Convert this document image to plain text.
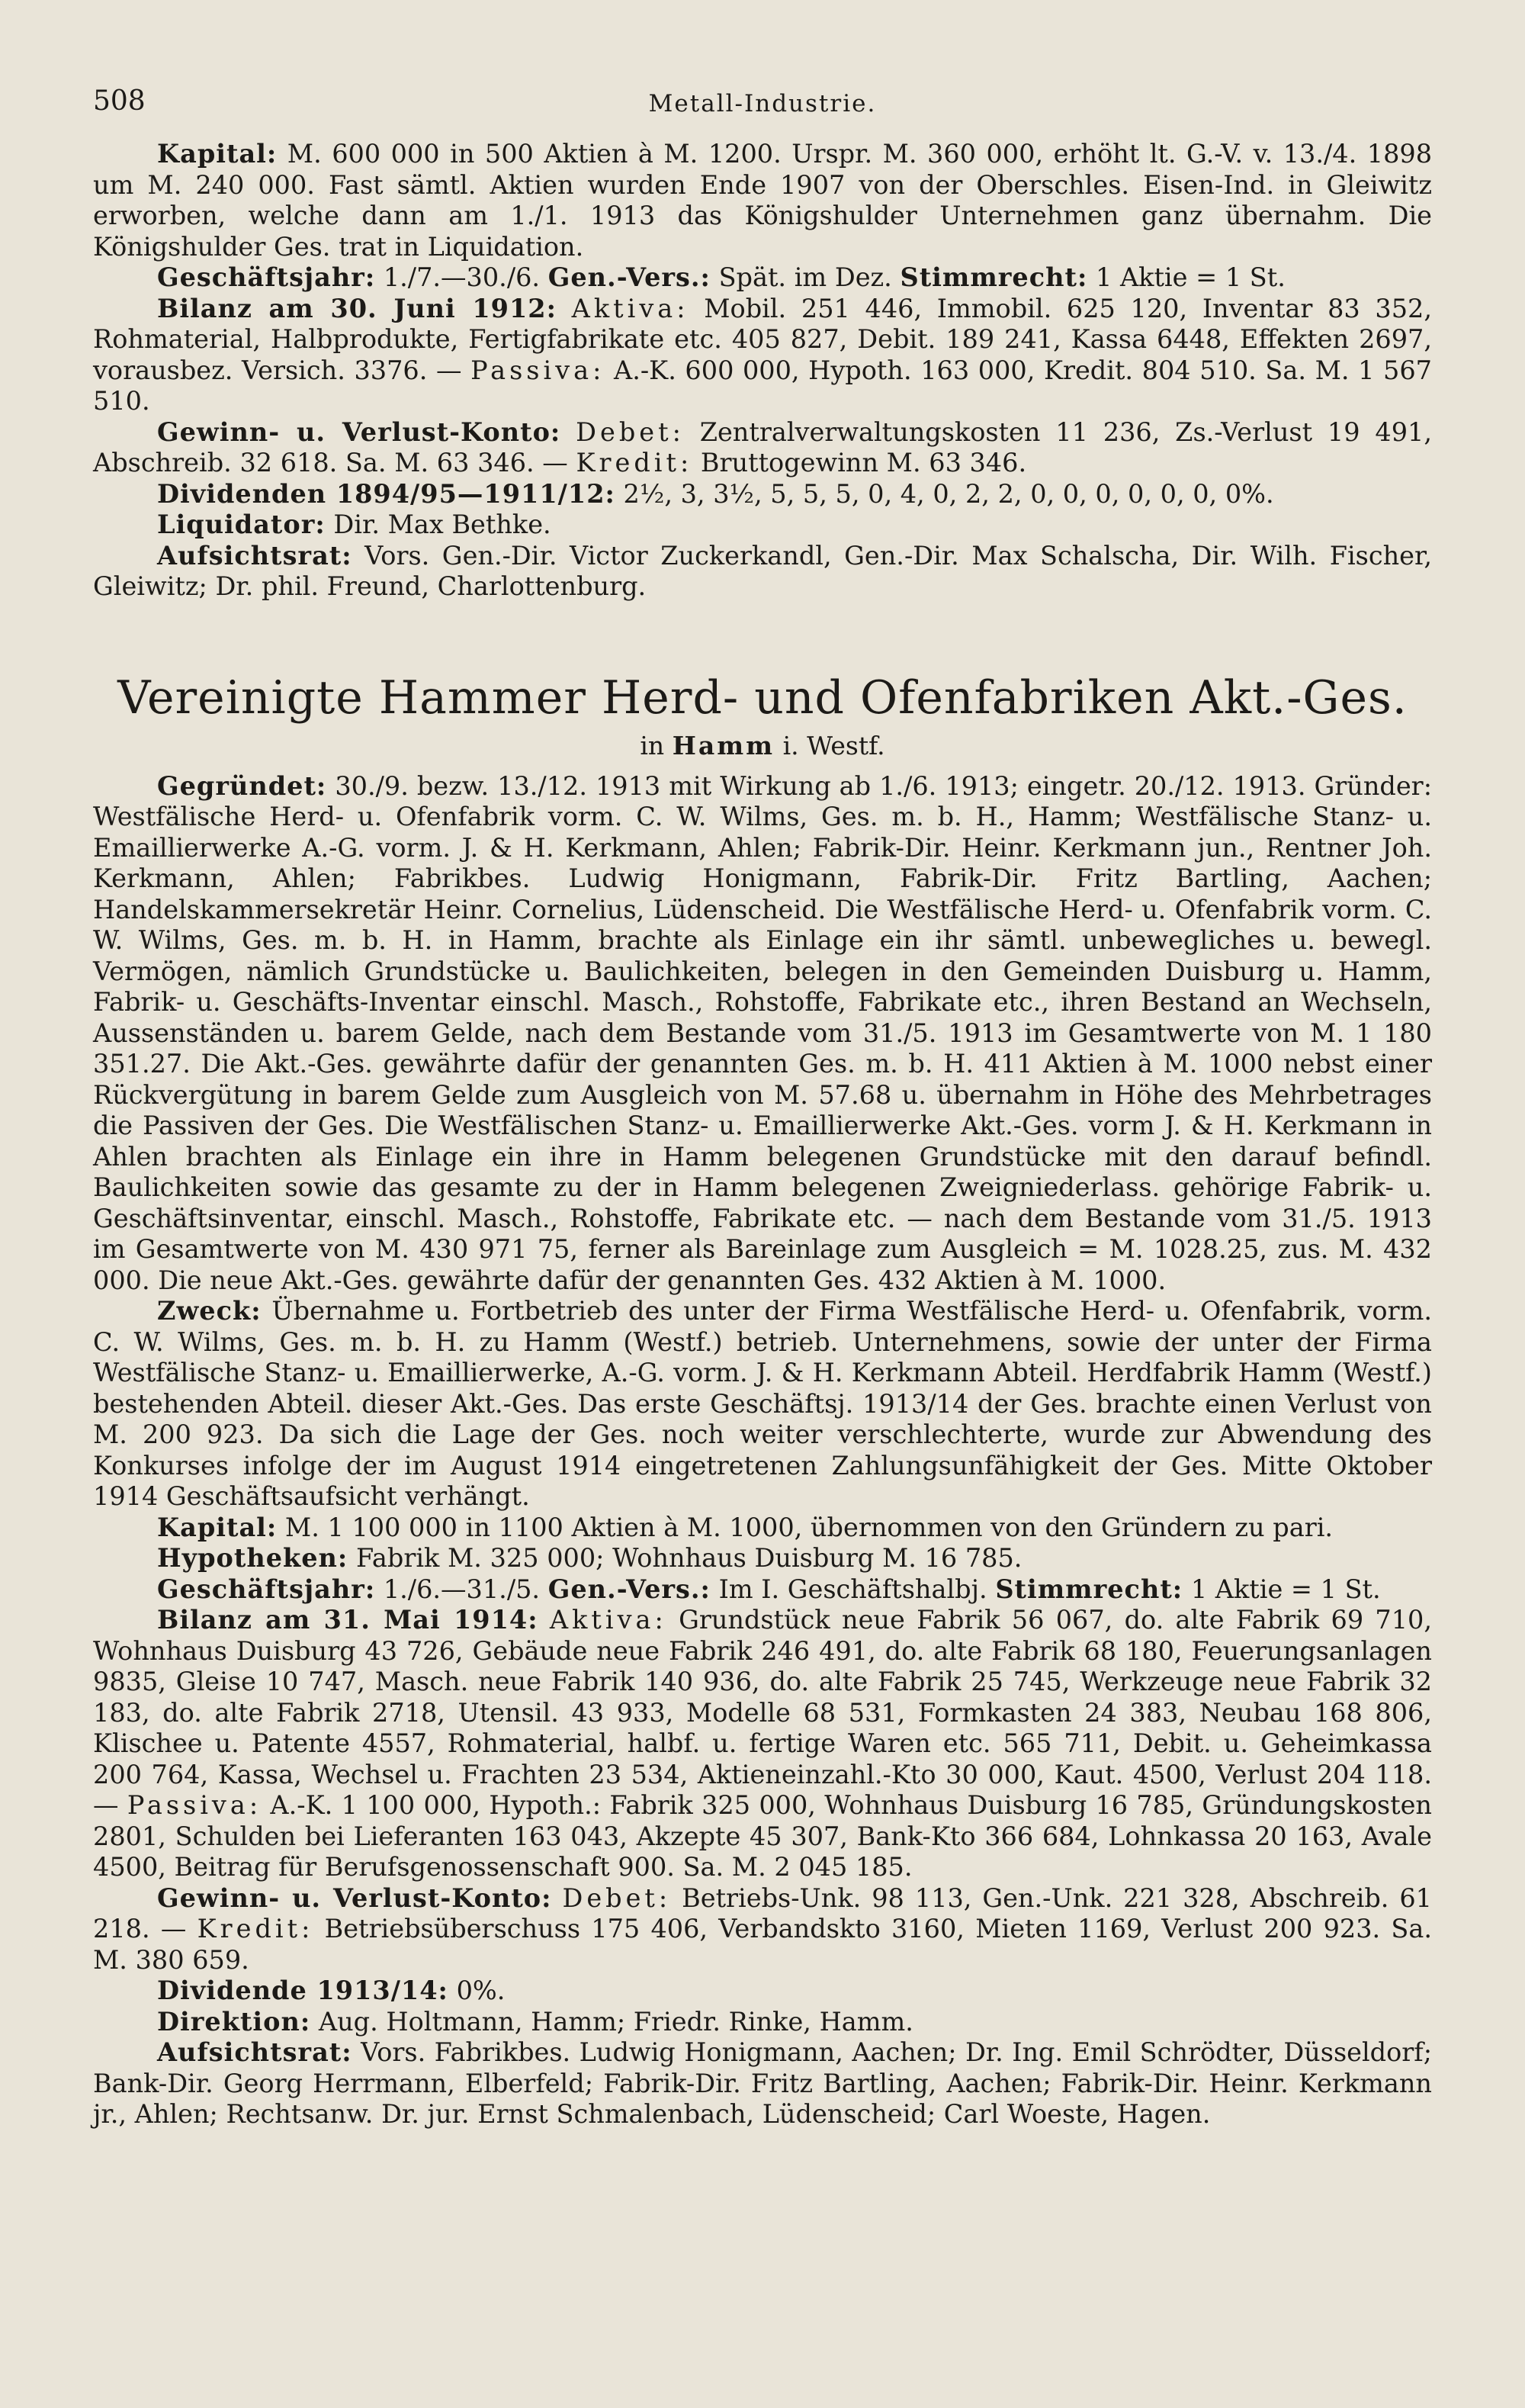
508	Metall-Industrie.

Kapital: M. 600 000 in 500 Aktien à M. 1200. Urspr. M. 360 000, erhöht lt. G.-V. v. 13./4. 1898 um M. 240 000. Fast sämtl. Aktien wurden Ende 1907 von der Oberschles. Eisen-Ind. in Gleiwitz erworben, welche dann am 1./1. 1913 das Königshulder Unternehmen ganz übernahm. Die Königshulder Ges. trat in Liquidation.

Geschäftsjahr: 1./7.—30./6. Gen.-Vers.: Spät. im Dez. Stimmrecht: 1 Aktie = 1 St.

Bilanz am 30. Juni 1912: Aktiva: Mobil. 251 446, Immobil. 625 120, Inventar 83 352, Rohmaterial, Halbprodukte, Fertigfabrikate etc. 405 827, Debit. 189 241, Kassa 6448, Effekten 2697, vorausbez. Versich. 3376. — Passiva: A.-K. 600 000, Hypoth. 163 000, Kredit. 804 510. Sa. M. 1 567 510.

Gewinn- u. Verlust-Konto: Debet: Zentralverwaltungskosten 11 236, Zs.-Verlust 19 491, Abschreib. 32 618. Sa. M. 63 346. — Kredit: Bruttogewinn M. 63 346.

Dividenden 1894/95—1911/12: 2½, 3, 3½, 5, 5, 5, 0, 4, 0, 2, 2, 0, 0, 0, 0, 0, 0, 0%.

Liquidator: Dir. Max Bethke.

Aufsichtsrat: Vors. Gen.-Dir. Victor Zuckerkandl, Gen.-Dir. Max Schalscha, Dir. Wilh. Fischer, Gleiwitz; Dr. phil. Freund, Charlottenburg.

Vereinigte Hammer Herd- und Ofenfabriken Akt.-Ges.
in Hamm i. Westf.

Gegründet: 30./9. bezw. 13./12. 1913 mit Wirkung ab 1./6. 1913; eingetr. 20./12. 1913. Gründer: Westfälische Herd- u. Ofenfabrik vorm. C. W. Wilms, Ges. m. b. H., Hamm; Westfälische Stanz- u. Emaillierwerke A.-G. vorm. J. & H. Kerkmann, Ahlen; Fabrik-Dir. Heinr. Kerkmann jun., Rentner Joh. Kerkmann, Ahlen; Fabrikbes. Ludwig Honigmann, Fabrik-Dir. Fritz Bartling, Aachen; Handelskammersekretär Heinr. Cornelius, Lüdenscheid. Die Westfälische Herd- u. Ofenfabrik vorm. C. W. Wilms, Ges. m. b. H. in Hamm, brachte als Einlage ein ihr sämtl. unbewegliches u. bewegl. Vermögen, nämlich Grundstücke u. Baulichkeiten, belegen in den Gemeinden Duisburg u. Hamm, Fabrik- u. Geschäfts-Inventar einschl. Masch., Rohstoffe, Fabrikate etc., ihren Bestand an Wechseln, Aussenständen u. barem Gelde, nach dem Bestande vom 31./5. 1913 im Gesamtwerte von M. 1 180 351.27. Die Akt.-Ges. gewährte dafür der genannten Ges. m. b. H. 411 Aktien à M. 1000 nebst einer Rückvergütung in barem Gelde zum Ausgleich von M. 57.68 u. übernahm in Höhe des Mehrbetrages die Passiven der Ges. Die Westfälischen Stanz- u. Emaillierwerke Akt.-Ges. vorm J. & H. Kerkmann in Ahlen brachten als Einlage ein ihre in Hamm belegenen Grundstücke mit den darauf befindl. Baulichkeiten sowie das gesamte zu der in Hamm belegenen Zweigniederlass. gehörige Fabrik- u. Geschäftsinventar, einschl. Masch., Rohstoffe, Fabrikate etc. — nach dem Bestande vom 31./5. 1913 im Gesamtwerte von M. 430 971 75, ferner als Bareinlage zum Ausgleich = M. 1028.25, zus. M. 432 000. Die neue Akt.-Ges. gewährte dafür der genannten Ges. 432 Aktien à M. 1000.

Zweck: Übernahme u. Fortbetrieb des unter der Firma Westfälische Herd- u. Ofenfabrik, vorm. C. W. Wilms, Ges. m. b. H. zu Hamm (Westf.) betrieb. Unternehmens, sowie der unter der Firma Westfälische Stanz- u. Emaillierwerke, A.-G. vorm. J. & H. Kerkmann Abteil. Herdfabrik Hamm (Westf.) bestehenden Abteil. dieser Akt.-Ges. Das erste Geschäftsj. 1913/14 der Ges. brachte einen Verlust von M. 200 923. Da sich die Lage der Ges. noch weiter verschlechterte, wurde zur Abwendung des Konkurses infolge der im August 1914 eingetretenen Zahlungsunfähigkeit der Ges. Mitte Oktober 1914 Geschäftsaufsicht verhängt.

Kapital: M. 1 100 000 in 1100 Aktien à M. 1000, übernommen von den Gründern zu pari.

Hypotheken: Fabrik M. 325 000; Wohnhaus Duisburg M. 16 785.

Geschäftsjahr: 1./6.—31./5. Gen.-Vers.: Im I. Geschäftshalbj. Stimmrecht: 1 Aktie = 1 St.

Bilanz am 31. Mai 1914: Aktiva: Grundstück neue Fabrik 56 067, do. alte Fabrik 69 710, Wohnhaus Duisburg 43 726, Gebäude neue Fabrik 246 491, do. alte Fabrik 68 180, Feuerungsanlagen 9835, Gleise 10 747, Masch. neue Fabrik 140 936, do. alte Fabrik 25 745, Werkzeuge neue Fabrik 32 183, do. alte Fabrik 2718, Utensil. 43 933, Modelle 68 531, Formkasten 24 383, Neubau 168 806, Klischee u. Patente 4557, Rohmaterial, halbf. u. fertige Waren etc. 565 711, Debit. u. Geheimkassa 200 764, Kassa, Wechsel u. Frachten 23 534, Aktieneinzahl.-Kto 30 000, Kaut. 4500, Verlust 204 118. — Passiva: A.-K. 1 100 000, Hypoth.: Fabrik 325 000, Wohnhaus Duisburg 16 785, Gründungskosten 2801, Schulden bei Lieferanten 163 043, Akzepte 45 307, Bank-Kto 366 684, Lohnkassa 20 163, Avale 4500, Beitrag für Berufsgenossenschaft 900. Sa. M. 2 045 185.

Gewinn- u. Verlust-Konto: Debet: Betriebs-Unk. 98 113, Gen.-Unk. 221 328, Abschreib. 61 218. — Kredit: Betriebsüberschuss 175 406, Verbandskto 3160, Mieten 1169, Verlust 200 923. Sa. M. 380 659.

Dividende 1913/14: 0%.

Direktion: Aug. Holtmann, Hamm; Friedr. Rinke, Hamm.

Aufsichtsrat: Vors. Fabrikbes. Ludwig Honigmann, Aachen; Dr. Ing. Emil Schrödter, Düsseldorf; Bank-Dir. Georg Herrmann, Elberfeld; Fabrik-Dir. Fritz Bartling, Aachen; Fabrik-Dir. Heinr. Kerkmann jr., Ahlen; Rechtsanw. Dr. jur. Ernst Schmalenbach, Lüdenscheid; Carl Woeste, Hagen.
